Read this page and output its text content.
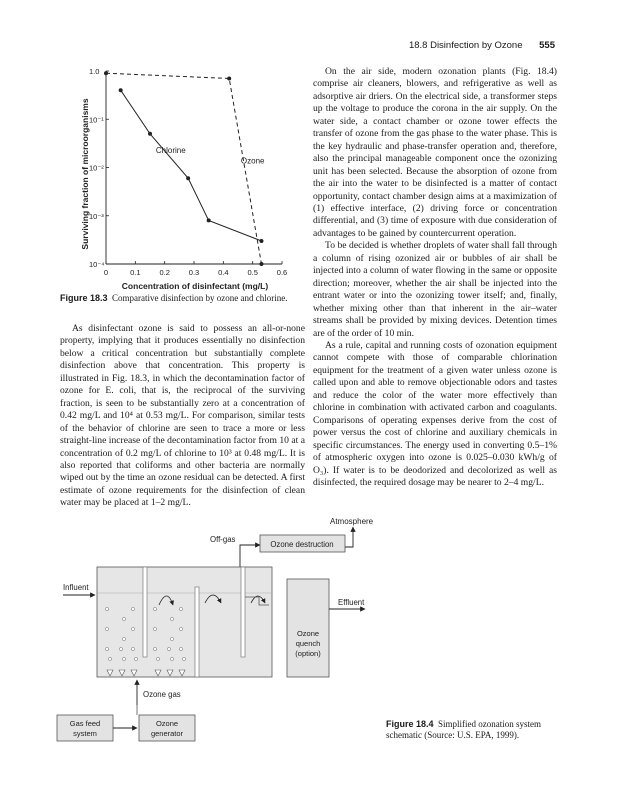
18.8 Disinfection by Ozone 555
Surviving fraction of microorganisms
Concentration of disinfectant (mg/L)
0	0.1	0.2	0.3	0.4	0.5	0.6
1.0
10⁻¹
10⁻²
10⁻³
10⁻⁴
Chlorine
Ozone
Figure 18.3 Comparative disinfection by ozone and chlorine.

As disinfectant ozone is said to possess an all-or-none property, implying that it produces essentially no disinfection below a critical concentration but substantially complete disinfection above that concentration. This property is illustrated in Fig. 18.3, in which the decontamination factor of ozone for E. coli, that is, the reciprocal of the surviving fraction, is seen to be substantially zero at a concentration of 0.42 mg/L and 10⁴ at 0.53 mg/L. For comparison, similar tests of the behavior of chlorine are seen to trace a more or less straight-line increase of the decontamination factor from 10 at a concentration of 0.2 mg/L of chlorine to 10³ at 0.48 mg/L. It is also reported that coliforms and other bacteria are normally wiped out by the time an ozone residual can be detected. A first estimate of ozone requirements for the disinfection of clean water may be placed at 1–2 mg/L.

On the air side, modern ozonation plants (Fig. 18.4) comprise air cleaners, blowers, and refrigerative as well as adsorptive air driers. On the electrical side, a transformer steps up the voltage to produce the corona in the air supply. On the water side, a contact chamber or ozone tower effects the transfer of ozone from the gas phase to the water phase. This is the key hydraulic and phase-transfer operation and, therefore, also the principal manageable component once the ozonizing unit has been selected. Because the absorption of ozone from the air into the water to be disinfected is a matter of contact opportunity, contact chamber design aims at a maximization of (1) effective interface, (2) driving force or concentration differential, and (3) time of exposure with due consideration of advantages to be gained by countercurrent operation.

To be decided is whether droplets of water shall fall through a column of rising ozonized air or bubbles of air shall be injected into a column of water flowing in the same or opposite direction; moreover, whether the air shall be injected into the entrant water or into the ozonizing tower itself; and, finally, whether mixing other than that inherent in the air–water streams shall be provided by mixing devices. Detention times are of the order of 10 min.

As a rule, capital and running costs of ozonation equipment cannot compete with those of comparable chlorination equipment for the treatment of a given water unless ozone is called upon and able to remove objectionable odors and tastes and reduce the color of the water more effectively than chlorine in combination with activated carbon and coagulants. Comparisons of operating expenses derive from the cost of power versus the cost of chlorine and auxiliary chemicals in specific circumstances. The energy used in converting 0.5–1% of atmospheric oxygen into ozone is 0.025–0.030 kWh/g of O₃). If water is to be deodorized and decolorized as well as disinfected, the required dosage may be nearer to 2–4 mg/L.

Atmosphere
Ozone destruction
Off-gas
Influent
Ozone
quench
(option)
Effluent
Ozone gas
Gas feed
system
Ozone
generator
Figure 18.4 Simplified ozonation system schematic (Source: U.S. EPA, 1999).
